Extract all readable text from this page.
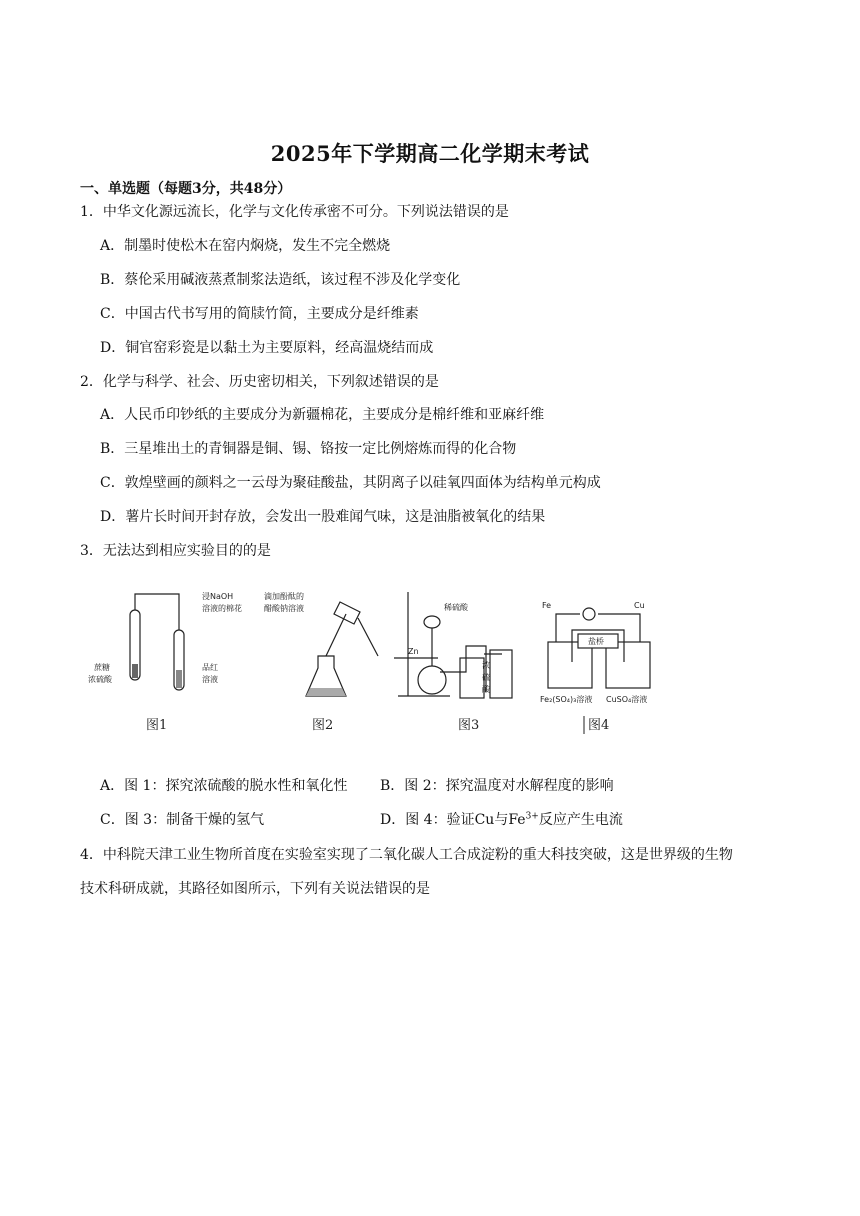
2025年下学期高二化学期末考试
一、单选题（每题3分，共48分）
1．中华文化源远流长，化学与文化传承密不可分。下列说法错误的是
A．制墨时使松木在窑内焖烧，发生不完全燃烧
B．蔡伦采用碱液蒸煮制浆法造纸，该过程不涉及化学变化
C．中国古代书写用的简牍竹简，主要成分是纤维素
D．铜官窑彩瓷是以黏土为主要原料，经高温烧结而成
2．化学与科学、社会、历史密切相关，下列叙述错误的是
A．人民币印钞纸的主要成分为新疆棉花，主要成分是棉纤维和亚麻纤维
B．三星堆出土的青铜器是铜、锡、铬按一定比例熔炼而得的化合物
C．敦煌壁画的颜料之一云母为聚硅酸盐，其阴离子以硅氧四面体为结构单元构成
D．薯片长时间开封存放，会发出一股难闻气味，这是油脂被氧化的结果
3．无法达到相应实验目的的是
浸NaOH
溶液的棉花
蔗糖
浓硫酸
品红
溶液
图1
滴加酚酞的
醋酸钠溶液
图2
稀硫酸
Zn
浓
硫
酸
图3
Fe	Cu
盐桥
Fe₂(SO₄)₃溶液 CuSO₄溶液
图4
A．图 1：探究浓硫酸的脱水性和氧化性 B．图 2：探究温度对水解程度的影响
C．图 3：制备干燥的氢气	D．图 4：验证Cu与$Fe^{3+}$反应产生电流
4．中科院天津工业生物所首度在实验室实现了二氧化碳人工合成淀粉的重大科技突破，这是世界级的生物
技术科研成就，其路径如图所示，下列有关说法错误的是
